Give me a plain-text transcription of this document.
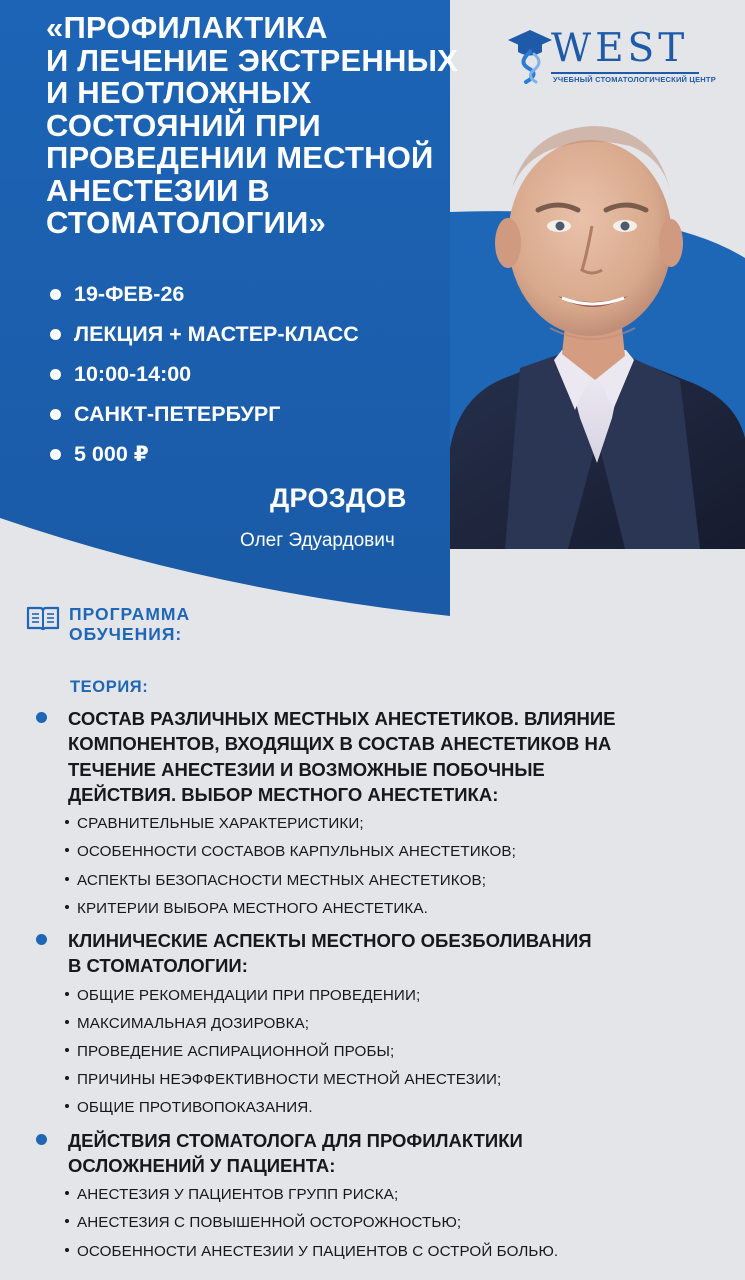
«ПРОФИЛАКТИКА
И ЛЕЧЕНИЕ ЭКСТРЕННЫХ
И НЕОТЛОЖНЫХ
СОСТОЯНИЙ ПРИ
ПРОВЕДЕНИИ МЕСТНОЙ
АНЕСТЕЗИИ В
СТОМАТОЛОГИИ»
19-ФЕВ-26
ЛЕКЦИЯ + МАСТЕР-КЛАСС
10:00-14:00
САНКТ-ПЕТЕРБУРГ
5 000 ₽
ДРОЗДОВ
Олег Эдуардович
WEST
УЧЕБНЫЙ СТОМАТОЛОГИЧЕСКИЙ ЦЕНТР
ПРОГРАММА
ОБУЧЕНИЯ:
ТЕОРИЯ:
СОСТАВ РАЗЛИЧНЫХ МЕСТНЫХ АНЕСТЕТИКОВ. ВЛИЯНИЕ
КОМПОНЕНТОВ, ВХОДЯЩИХ В СОСТАВ АНЕСТЕТИКОВ НА
ТЕЧЕНИЕ АНЕСТЕЗИИ И ВОЗМОЖНЫЕ ПОБОЧНЫЕ
ДЕЙСТВИЯ. ВЫБОР МЕСТНОГО АНЕСТЕТИКА:
СРАВНИТЕЛЬНЫЕ ХАРАКТЕРИСТИКИ;
ОСОБЕННОСТИ СОСТАВОВ КАРПУЛЬНЫХ АНЕСТЕТИКОВ;
АСПЕКТЫ БЕЗОПАСНОСТИ МЕСТНЫХ АНЕСТЕТИКОВ;
КРИТЕРИИ ВЫБОРА МЕСТНОГО АНЕСТЕТИКА.
КЛИНИЧЕСКИЕ АСПЕКТЫ МЕСТНОГО ОБЕЗБОЛИВАНИЯ
В СТОМАТОЛОГИИ:
ОБЩИЕ РЕКОМЕНДАЦИИ ПРИ ПРОВЕДЕНИИ;
МАКСИМАЛЬНАЯ ДОЗИРОВКА;
ПРОВЕДЕНИЕ АСПИРАЦИОННОЙ ПРОБЫ;
ПРИЧИНЫ НЕЭФФЕКТИВНОСТИ МЕСТНОЙ АНЕСТЕЗИИ;
ОБЩИЕ ПРОТИВОПОКАЗАНИЯ.
ДЕЙСТВИЯ СТОМАТОЛОГА ДЛЯ ПРОФИЛАКТИКИ
ОСЛОЖНЕНИЙ У ПАЦИЕНТА:
АНЕСТЕЗИЯ У ПАЦИЕНТОВ ГРУПП РИСКА;
АНЕСТЕЗИЯ С ПОВЫШЕННОЙ ОСТОРОЖНОСТЬЮ;
ОСОБЕННОСТИ АНЕСТЕЗИИ У ПАЦИЕНТОВ С ОСТРОЙ БОЛЬЮ.
